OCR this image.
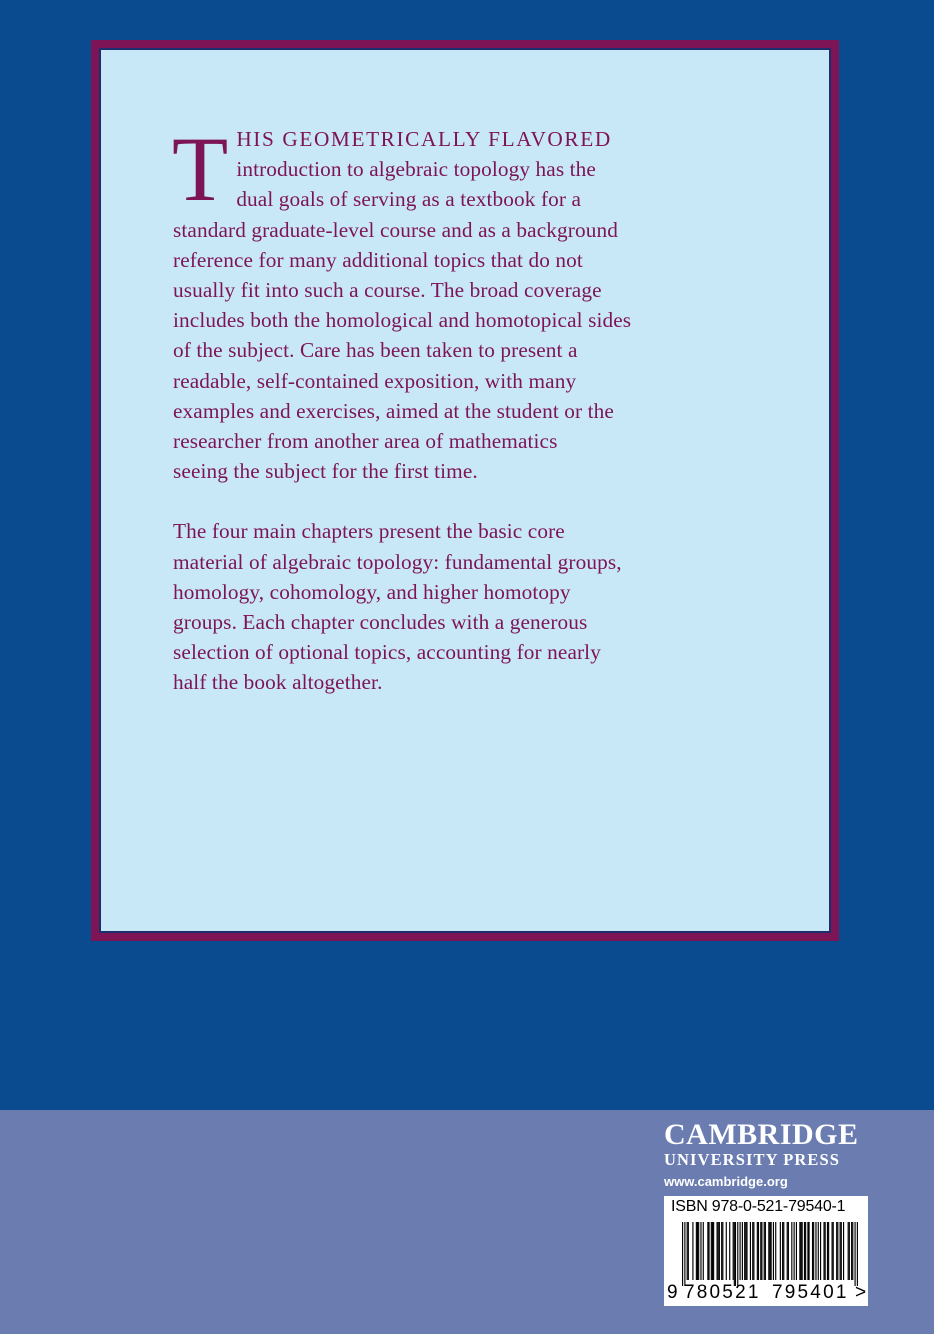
T HIS GEOMETRICALLY FLAVORED
introduction to algebraic topology has the
dual goals of serving as a textbook for a
standard graduate-level course and as a background
reference for many additional topics that do not
usually fit into such a course. The broad coverage
includes both the homological and homotopical sides
of the subject. Care has been taken to present a
readable, self-contained exposition, with many
examples and exercises, aimed at the student or the
researcher from another area of mathematics
seeing the subject for the first time.
The four main chapters present the basic core
material of algebraic topology: fundamental groups,
homology, cohomology, and higher homotopy
groups. Each chapter concludes with a generous
selection of optional topics, accounting for nearly
half the book altogether.
CAMBRIDGE
UNIVERSITY PRESS
www.cambridge.org
ISBN 978-0-521-79540-1
9 780521 795401 >
